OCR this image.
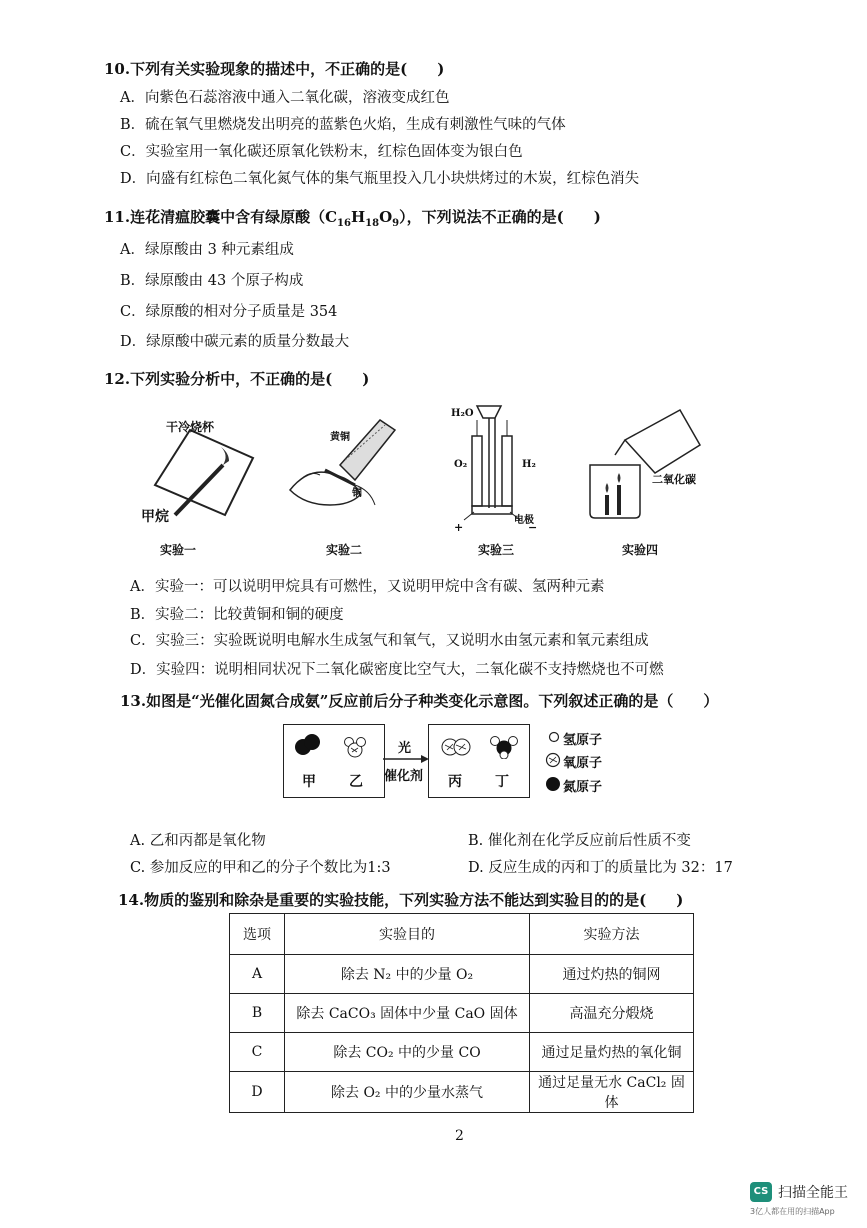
10.下列有关实验现象的描述中，不正确的是(　　)
A．向紫色石蕊溶液中通入二氧化碳，溶液变成红色
B．硫在氧气里燃烧发出明亮的蓝紫色火焰，生成有刺激性气味的气体
C．实验室用一氧化碳还原氧化铁粉末，红棕色固体变为银白色
D．向盛有红棕色二氧化氮气体的集气瓶里投入几小块烘烤过的木炭，红棕色消失
11.连花清瘟胶囊中含有绿原酸$(C_{16}H_{18}O_9)$，下列说法不正确的是(　　)
A．绿原酸由 3 种元素组成
B．绿原酸由 43 个原子构成
C．绿原酸的相对分子质量是 354
D．绿原酸中碳元素的质量分数最大
12.下列实验分析中，不正确的是(　　)
干冷烧杯
甲烷
黄铜
铜
H₂O
O₂	H₂
电极
+	−
二氧化碳
实验一	实验二	实验三	实验四
A．实验一：可以说明甲烷具有可燃性，又说明甲烷中含有碳、氢两种元素
B．实验二：比较黄铜和铜的硬度
C．实验三：实验既说明电解水生成氢气和氧气，又说明水由氢元素和氧元素组成
D．实验四：说明相同状况下二氧化碳密度比空气大，二氧化碳不支持燃烧也不可燃
13.如图是“光催化固氮合成氨”反应前后分子种类变化示意图。下列叙述正确的是（　　）
光
催化剂
甲 乙	丙 丁
氢原子
氧原子
氮原子
A. 乙和丙都是氧化物	B. 催化剂在化学反应前后性质不变
C. 参加反应的甲和乙的分子个数比为1:3	D. 反应生成的丙和丁的质量比为 32：17
14.物质的鉴别和除杂是重要的实验技能，下列实验方法不能达到实验目的的是(　　)
选项	实验目的	实验方法
A	除去 N₂ 中的少量 O₂	通过灼热的铜网
B	除去 CaCO₃ 固体中少量 CaO 固体	高温充分煅烧
C	除去 CO₂ 中的少量 CO	通过足量灼热的氧化铜
D	除去 O₂ 中的少量水蒸气	通过足量无水 CaCl₂ 固体
2
CS 扫描全能王
3亿人都在用的扫描App
